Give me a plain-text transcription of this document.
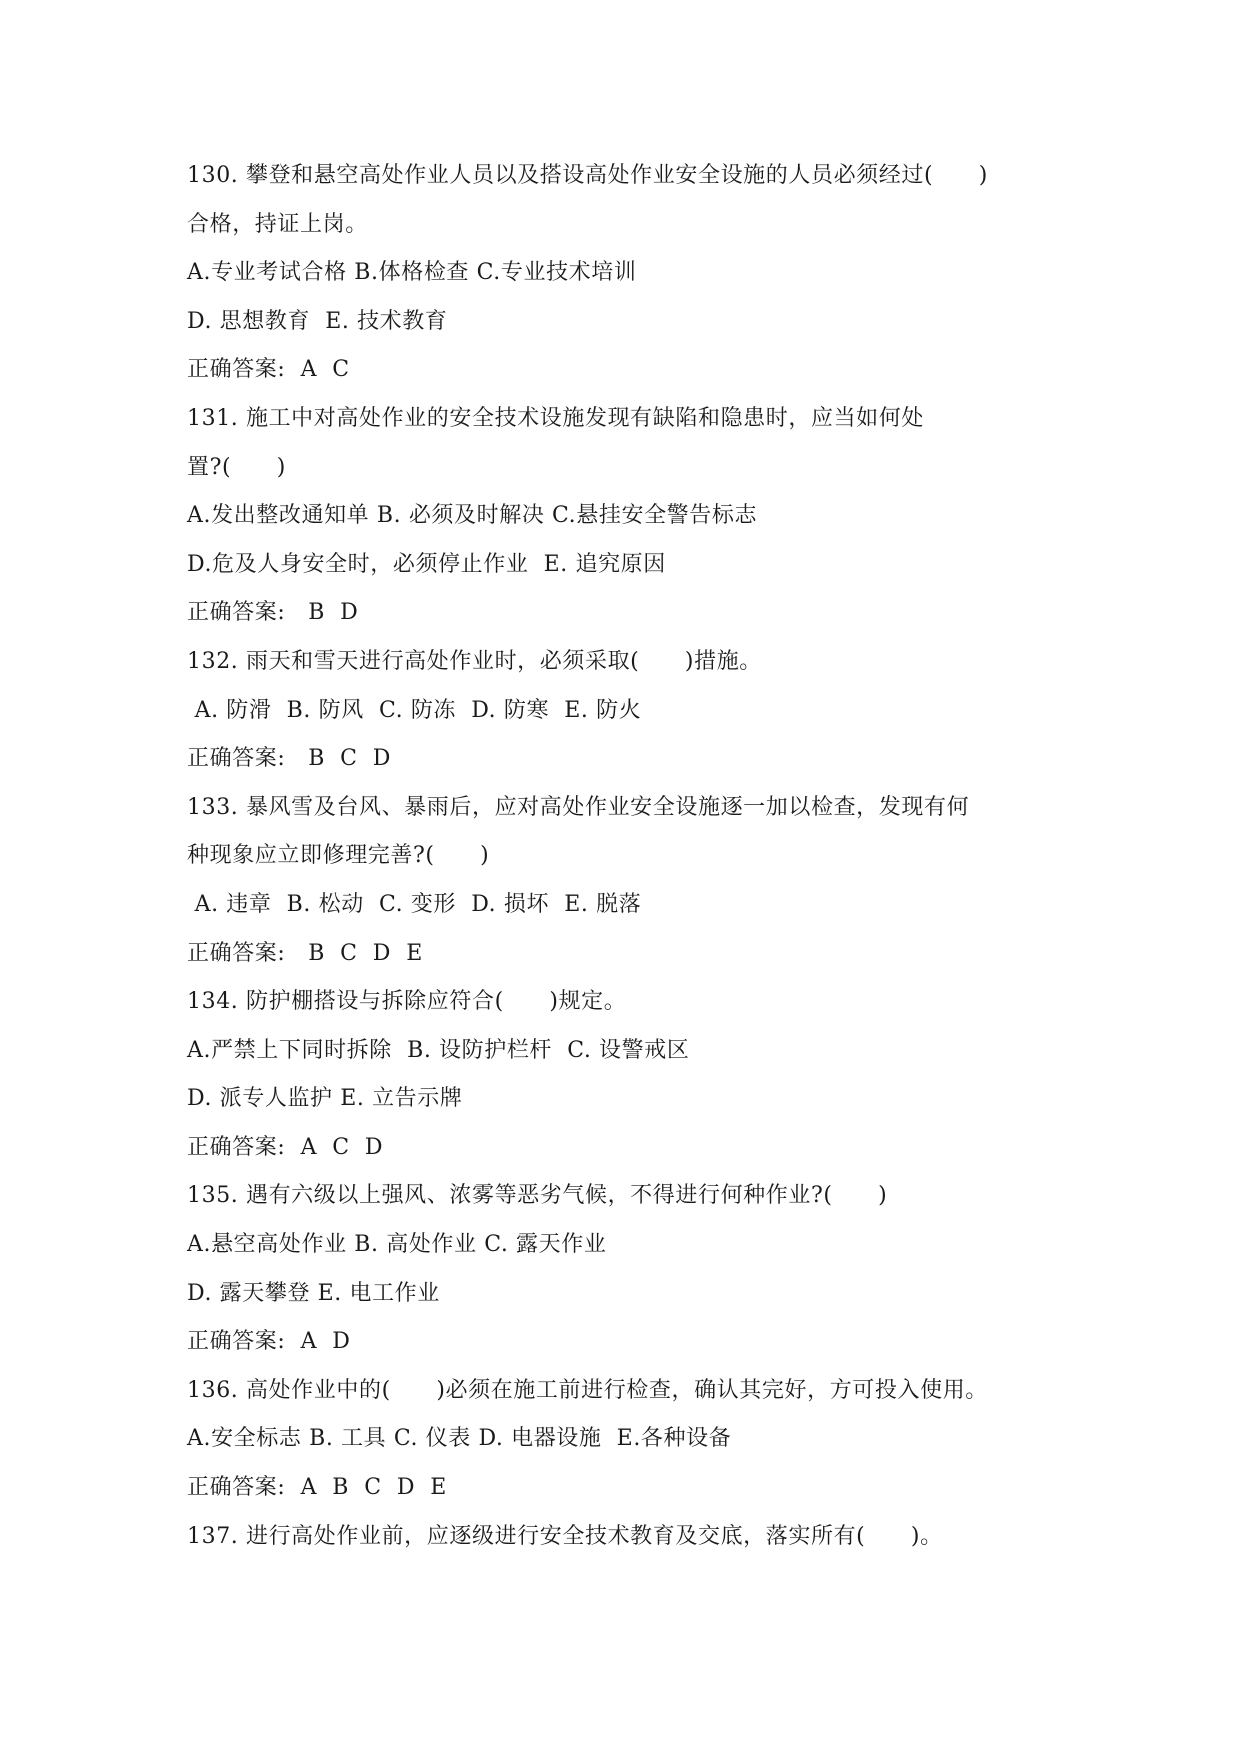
130. 攀登和悬空高处作业人员以及搭设高处作业安全设施的人员必须经过(      )
合格，持证上岗。
A.专业考试合格 B.体格检查 C.专业技术培训
D. 思想教育  E. 技术教育
正确答案:  A  C
131. 施工中对高处作业的安全技术设施发现有缺陷和隐患时，应当如何处
置?(      )
A.发出整改通知单 B. 必须及时解决 C.悬挂安全警告标志
D.危及人身安全时，必须停止作业  E. 追究原因
正确答案:   B  D
132. 雨天和雪天进行高处作业时，必须采取(      )措施。
A. 防滑  B. 防风  C. 防冻  D. 防寒  E. 防火
正确答案:   B  C  D
133. 暴风雪及台风、暴雨后，应对高处作业安全设施逐一加以检查，发现有何
种现象应立即修理完善?(      )
A. 违章  B. 松动  C. 变形  D. 损坏  E. 脱落
正确答案:   B  C  D  E
134. 防护棚搭设与拆除应符合(      )规定。
A.严禁上下同时拆除  B. 设防护栏杆  C. 设警戒区
D. 派专人监护 E. 立告示牌
正确答案:  A  C  D
135. 遇有六级以上强风、浓雾等恶劣气候，不得进行何种作业?(      )
A.悬空高处作业 B. 高处作业 C. 露天作业
D. 露天攀登 E. 电工作业
正确答案:  A  D
136. 高处作业中的(      )必须在施工前进行检查，确认其完好，方可投入使用。
A.安全标志 B. 工具 C. 仪表 D. 电器设施  E.各种设备
正确答案:  A  B  C  D  E
137. 进行高处作业前，应逐级进行安全技术教育及交底，落实所有(      )。
